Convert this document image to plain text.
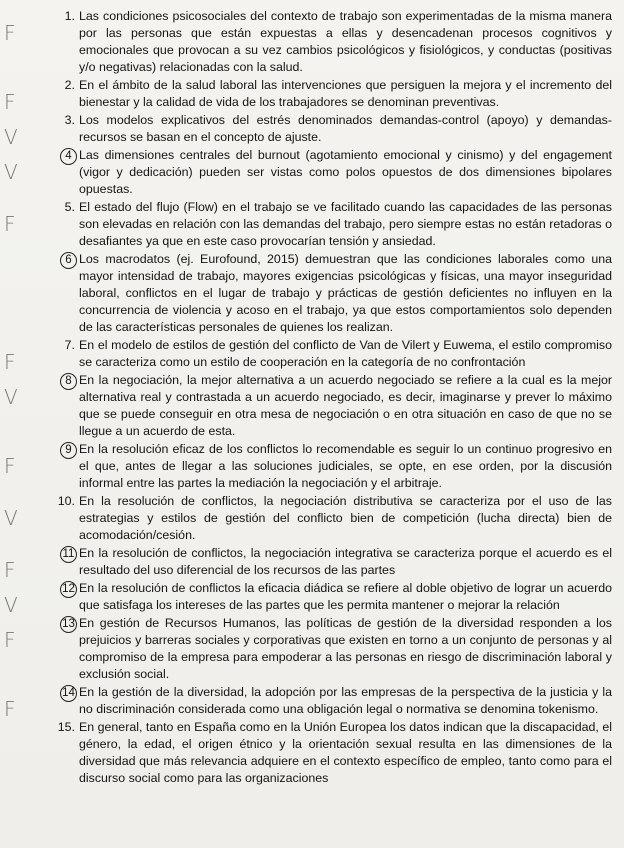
1. Las condiciones psicosociales del contexto de trabajo son experimentadas de la misma manera por las personas que están expuestas a ellas y desencadenan procesos cognitivos y emocionales que provocan a su vez cambios psicológicos y fisiológicos, y conductas (positivas y/o negativas) relacionadas con la salud.
F
2. En el ámbito de la salud laboral las intervenciones que persiguen la mejora y el incremento del bienestar y la calidad de vida de los trabajadores se denominan preventivas.
F
3. Los modelos explicativos del estrés denominados demandas-control (apoyo) y demandas-recursos se basan en el concepto de ajuste.
V
4 Las dimensiones centrales del burnout (agotamiento emocional y cinismo) y del engagement (vigor y dedicación) pueden ser vistas como polos opuestos de dos dimensiones bipolares opuestas.
V
5. El estado del flujo (Flow) en el trabajo se ve facilitado cuando las capacidades de las personas son elevadas en relación con las demandas del trabajo, pero siempre estas no están retadoras o desafiantes ya que en este caso provocarían tensión y ansiedad.
F
6 Los macrodatos (ej. Eurofound, 2015) demuestran que las condiciones laborales como una mayor intensidad de trabajo, mayores exigencias psicológicas y físicas, una mayor inseguridad laboral, conflictos en el lugar de trabajo y prácticas de gestión deficientes no influyen en la concurrencia de violencia y acoso en el trabajo, ya que estos comportamientos solo dependen de las características personales de quienes los realizan.
7. En el modelo de estilos de gestión del conflicto de Van de Vilert y Euwema, el estilo compromiso se caracteriza como un estilo de cooperación en la categoría de no confrontación
F
8 En la negociación, la mejor alternativa a un acuerdo negociado se refiere a la cual es la mejor alternativa real y contrastada a un acuerdo negociado, es decir, imaginarse y prever lo máximo que se puede conseguir en otra mesa de negociación o en otra situación en caso de que no se llegue a un acuerdo de esta.
V
9 En la resolución eficaz de los conflictos lo recomendable es seguir lo un continuo progresivo en el que, antes de llegar a las soluciones judiciales, se opte, en ese orden, por la discusión informal entre las partes la mediación la negociación y el arbitraje.
F
10. En la resolución de conflictos, la negociación distributiva se caracteriza por el uso de las estrategias y estilos de gestión del conflicto bien de competición (lucha directa) bien de acomodación/cesión.
V
11 En la resolución de conflictos, la negociación integrativa se caracteriza porque el acuerdo es el resultado del uso diferencial de los recursos de las partes
F
12 En la resolución de conflictos la eficacia diádica se refiere al doble objetivo de lograr un acuerdo que satisfaga los intereses de las partes que les permita mantener o mejorar la relación
V
13 En gestión de Recursos Humanos, las políticas de gestión de la diversidad responden a los prejuicios y barreras sociales y corporativas que existen en torno a un conjunto de personas y al compromiso de la empresa para empoderar a las personas en riesgo de discriminación laboral y exclusión social.
F
14 En la gestión de la diversidad, la adopción por las empresas de la perspectiva de la justicia y la no discriminación considerada como una obligación legal o normativa se denomina tokenismo.
F
15. En general, tanto en España como en la Unión Europea los datos indican que la discapacidad, el género, la edad, el origen étnico y la orientación sexual resulta en las dimensiones de la diversidad que más relevancia adquiere en el contexto específico de empleo, tanto como para el discurso social como para las organizaciones
